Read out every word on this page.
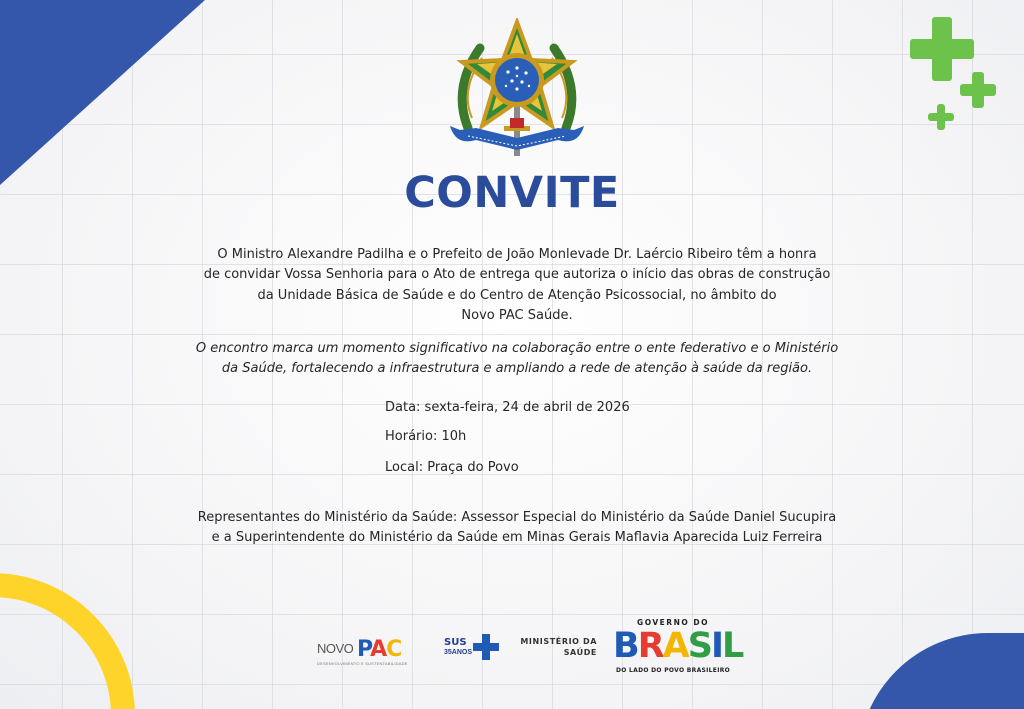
CONVITE
O Ministro Alexandre Padilha e o Prefeito de João Monlevade Dr. Laércio Ribeiro têm a honra
de convidar Vossa Senhoria para o Ato de entrega que autoriza o início das obras de construção
da Unidade Básica de Saúde e do Centro de Atenção Psicossocial, no âmbito do
Novo PAC Saúde.
O encontro marca um momento significativo na colaboração entre o ente federativo e o Ministério
da Saúde, fortalecendo a infraestrutura e ampliando a rede de atenção à saúde da região.
Data: sexta-feira, 24 de abril de 2026
Horário: 10h
Local: Praça do Povo
Representantes do Ministério da Saúde: Assessor Especial do Ministério da Saúde Daniel Sucupira
e a Superintendente do Ministério da Saúde em Minas Gerais Maflavia Aparecida Luiz Ferreira
NOVO PAC
DESENVOLVIMENTO E SUSTENTABILIDADE
SUS
35ANOS
MINISTÉRIO DA
SAÚDE
GOVERNO DO
BRASIL
DO LADO DO POVO BRASILEIRO
